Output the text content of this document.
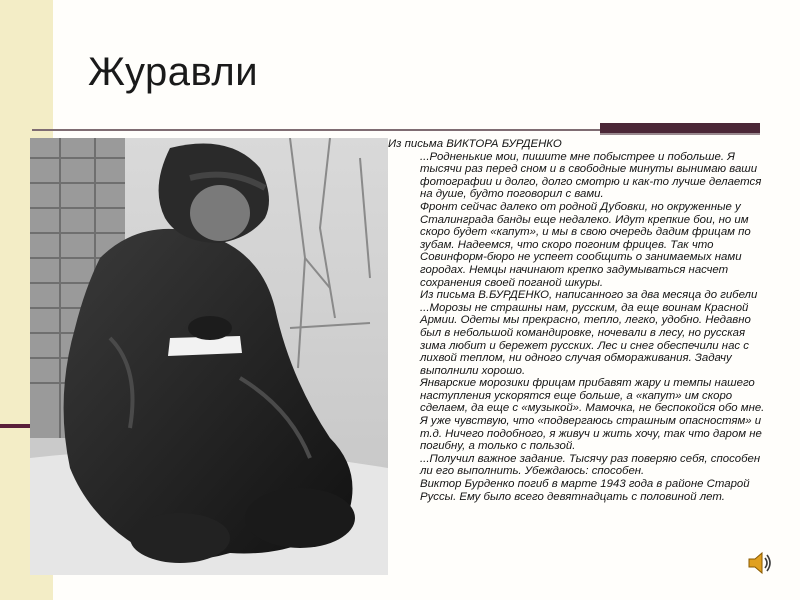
Журавли

Из письма ВИКТОРА БУРДЕНКО

...Родненькие мои, пишите мне побыстрее и побольше. Я тысячи раз перед сном и в свободные минуты вынимаю ваши фотографии и долго, долго смотрю и как-то лучше делается на душе, будто поговорил с вами.

Фронт сейчас далеко от родной Дубовки, но окруженные у Сталинграда банды еще недалеко. Идут крепкие бои, но им скоро будет «капут», и мы в свою очередь дадим фрицам по зубам. Надеемся, что скоро погоним фрицев. Так что Совинформ-бюро не успеет сообщить о занимаемых нами городах. Немцы начинают крепко задумываться насчет сохранения своей поганой шкуры.

Из письма В.БУРДЕНКО, написанного за два месяца до гибели

...Морозы не страшны нам, русским, да еще воинам Красной Армии. Одеты мы прекрасно, тепло, легко, удобно. Недавно был в небольшой командировке, ночевали в лесу, но русская зима любит и бережет русских. Лес и снег обеспечили нас с лихвой теплом, ни одного случая обмораживания. Задачу выполнили хорошо.

Январские морозики фрицам прибавят жару и темпы нашего наступления ускорятся еще больше, а «капут» им скоро сделаем, да еще с «музыкой». Мамочка, не беспокойся обо мне. Я уже чувствую, что «подвергаюсь страшным опасностям» и т.д. Ничего подобного, я живуч и жить хочу, так что даром не погибну, а только с пользой.

...Получил важное задание. Тысячу раз поверяю себя, способен ли его выполнить. Убеждаюсь: способен.

Виктор Бурденко погиб в марте 1943 года в районе Старой Руссы. Ему было всего девятнадцать с половиной лет.
